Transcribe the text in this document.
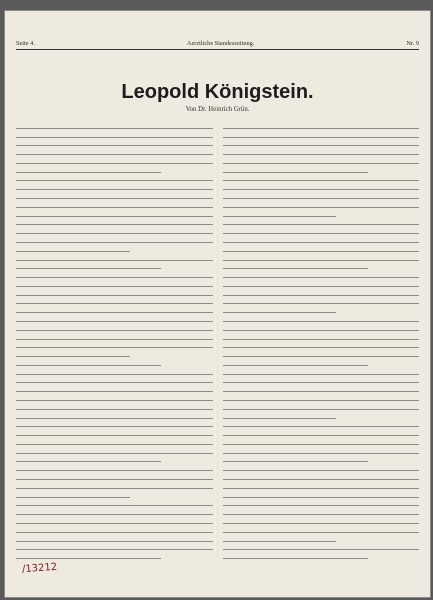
Seite 4.	Aerztliche Standeszeitung.	Nr. 9
Leopold Königstein.
Von Dr. Heinrich Grün.
/13212
